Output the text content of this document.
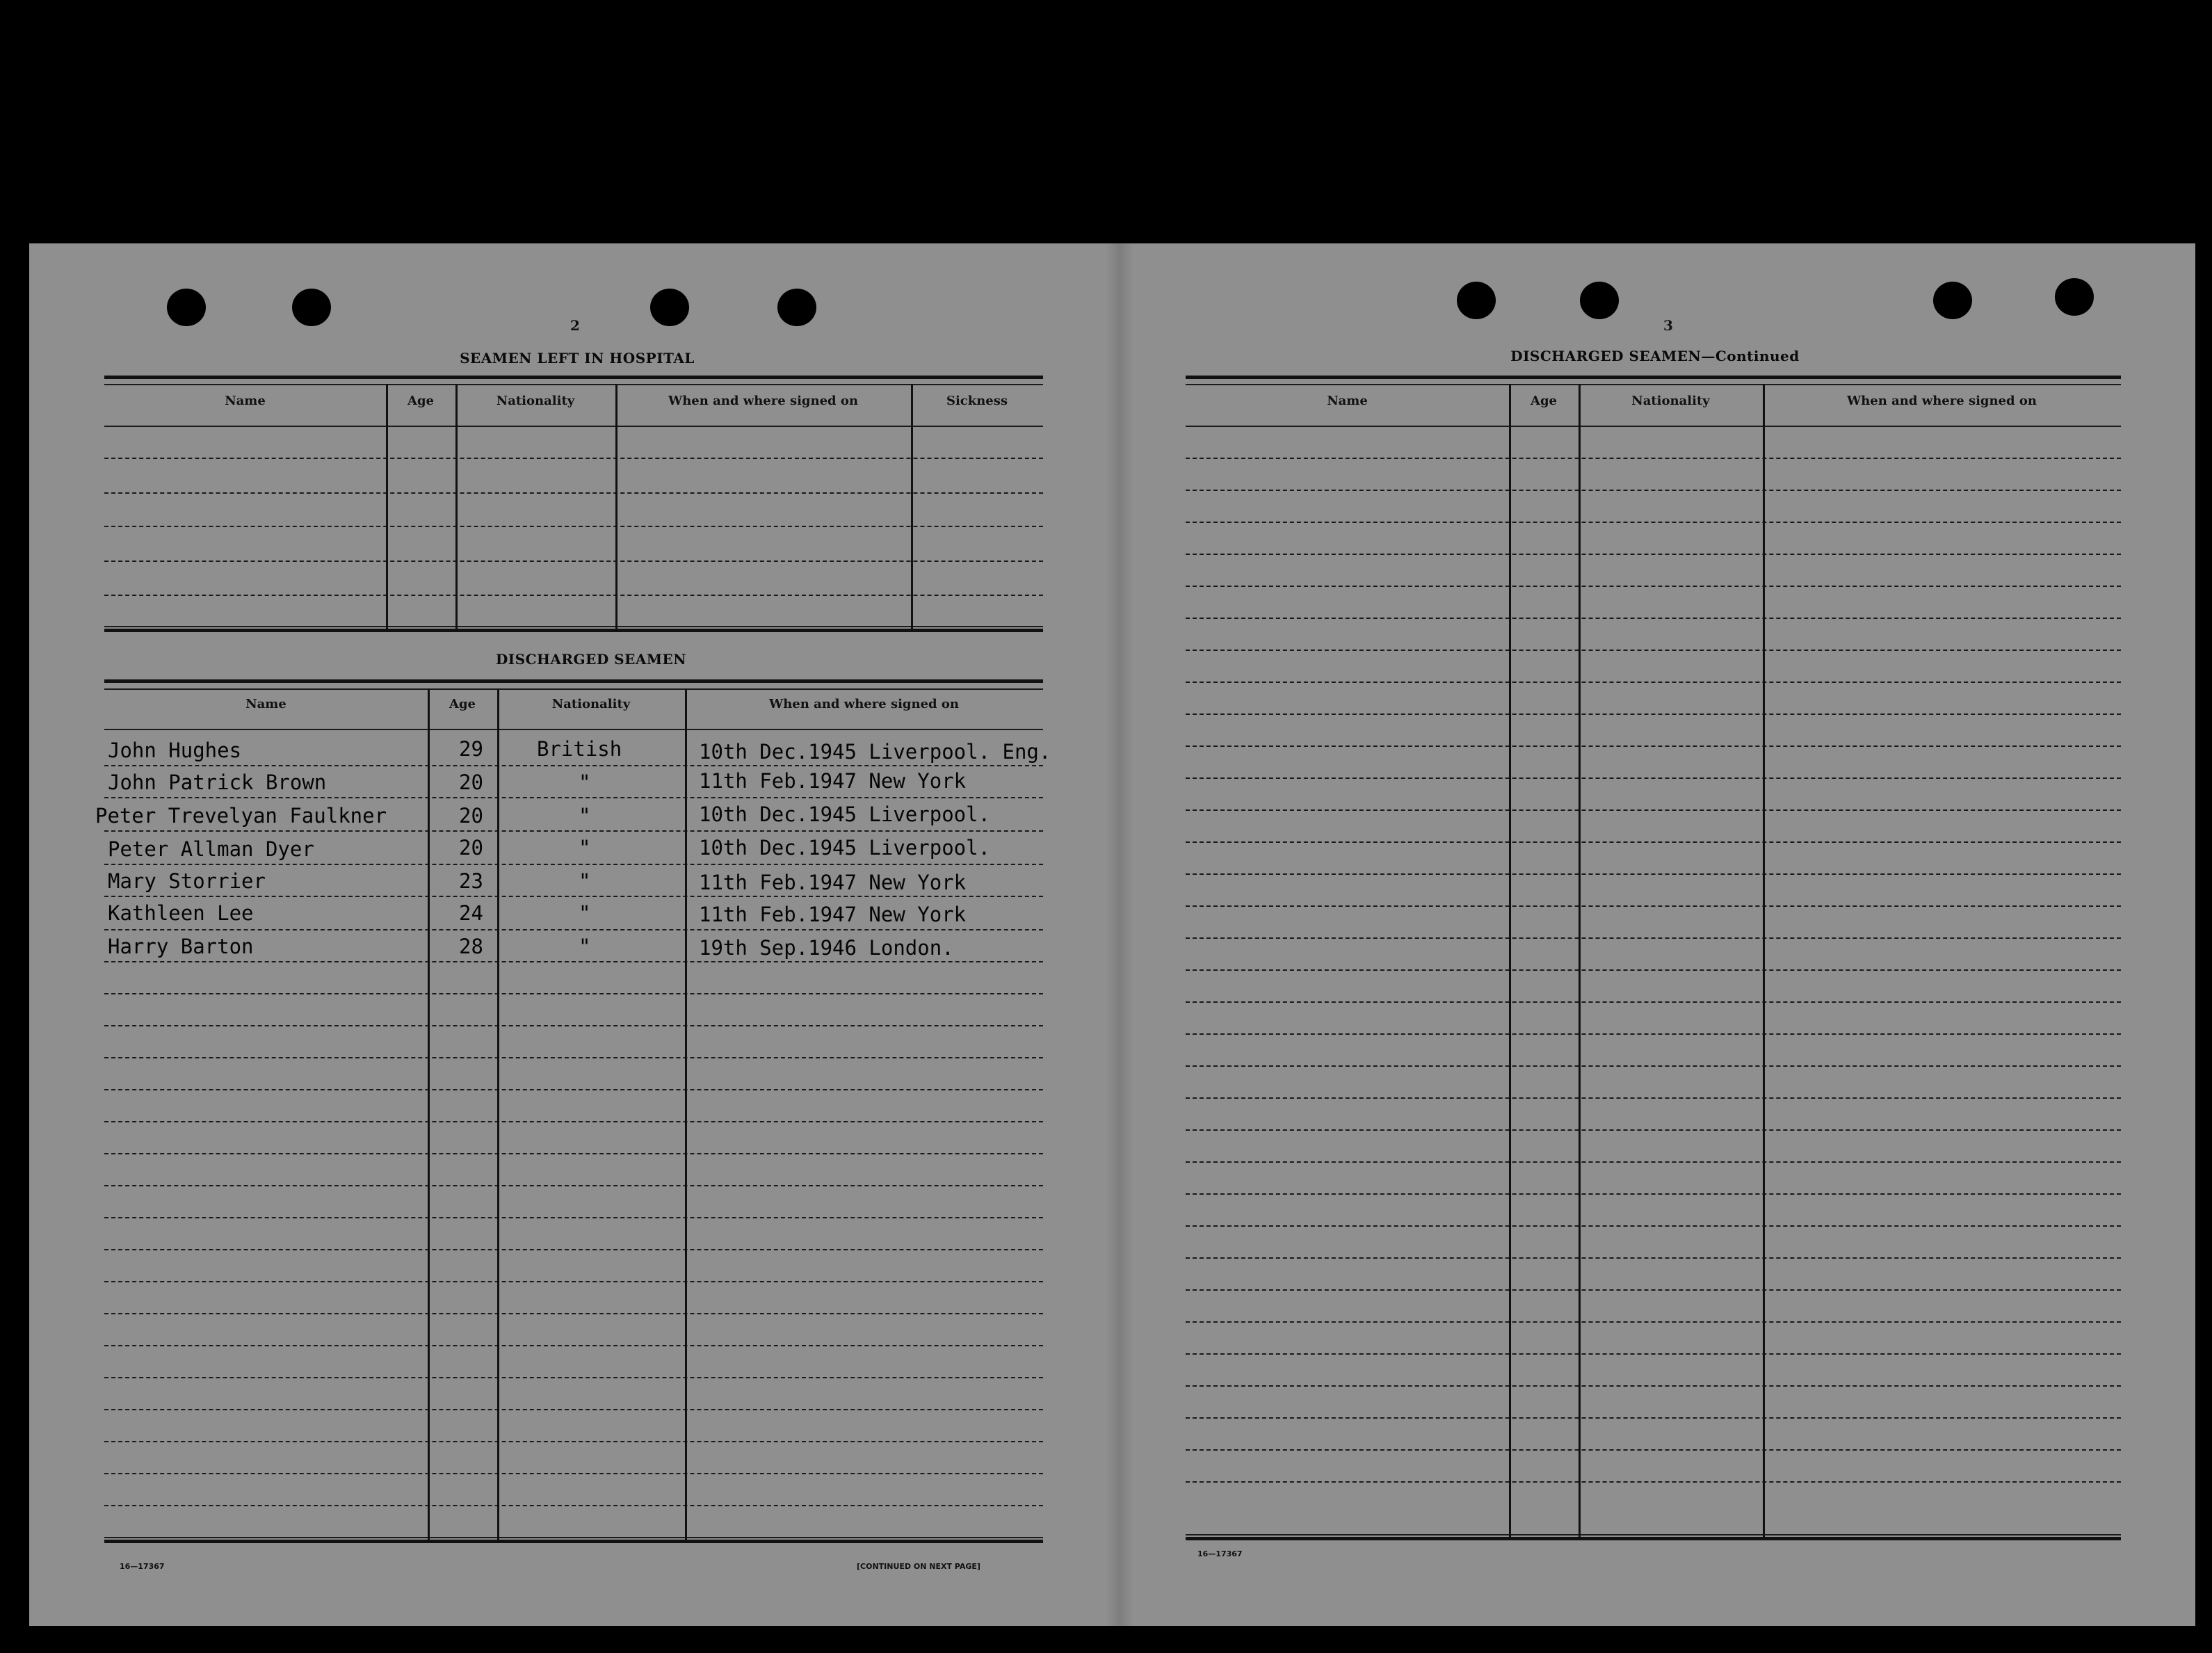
2
SEAMEN LEFT IN HOSPITAL
Name	Age	Nationality	When and where signed on	Sickness
DISCHARGED SEAMEN
Name	Age	Nationality	When and where signed on
John Hughes	29	British	10th Dec.1945 Liverpool. Eng.
John Patrick Brown	20	"	11th Feb.1947 New York
Peter Trevelyan Faulkner	20	"	10th Dec.1945 Liverpool.
Peter Allman Dyer	20	"	10th Dec.1945 Liverpool.
Mary Storrier	23	"	11th Feb.1947 New York
Kathleen Lee	24	"	11th Feb.1947 New York
Harry Barton	28	"	19th Sep.1946 London.
16—17367	[CONTINUED ON NEXT PAGE]
3
DISCHARGED SEAMEN—Continued
Name	Age	Nationality	When and where signed on
16—17367
